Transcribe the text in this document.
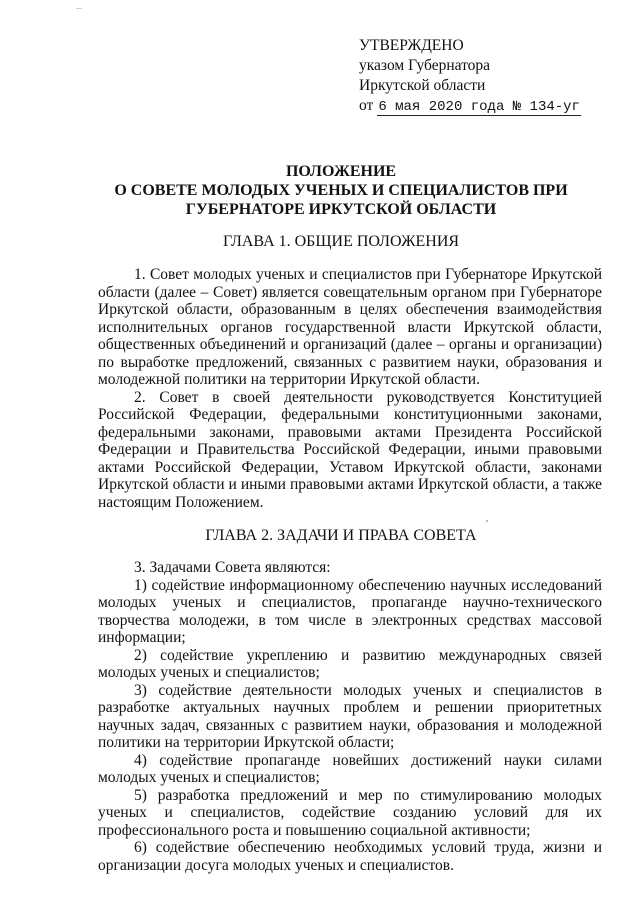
УТВЕРЖДЕНО
указом Губернатора
Иркутской области
от 6 мая 2020 года № 134-уг
ПОЛОЖЕНИЕ
О СОВЕТЕ МОЛОДЫХ УЧЕНЫХ И СПЕЦИАЛИСТОВ ПРИ
ГУБЕРНАТОРЕ ИРКУТСКОЙ ОБЛАСТИ
ГЛАВА 1. ОБЩИЕ ПОЛОЖЕНИЯ

1. Совет молодых ученых и специалистов при Губернаторе Иркутской области (далее – Совет) является совещательным органом при Губернаторе Иркутской области, образованным в целях обеспечения взаимодействия исполнительных органов государственной власти Иркутской области, общественных объединений и организаций (далее – органы и организации) по выработке предложений, связанных с развитием науки, образования и молодежной политики на территории Иркутской области.

2. Совет в своей деятельности руководствуется Конституцией Российской Федерации, федеральными конституционными законами, федеральными законами, правовыми актами Президента Российской Федерации и Правительства Российской Федерации, иными правовыми актами Российской Федерации, Уставом Иркутской области, законами Иркутской области и иными правовыми актами Иркутской области, а также настоящим Положением.

ГЛАВА 2. ЗАДАЧИ И ПРАВА СОВЕТА

3. Задачами Совета являются:

1) содействие информационному обеспечению научных исследований молодых ученых и специалистов, пропаганде научно-технического творчества молодежи, в том числе в электронных средствах массовой информации;

2) содействие укреплению и развитию международных связей молодых ученых и специалистов;

3) содействие деятельности молодых ученых и специалистов в разработке актуальных научных проблем и решении приоритетных научных задач, связанных с развитием науки, образования и молодежной политики на территории Иркутской области;

4) содействие пропаганде новейших достижений науки силами молодых ученых и специалистов;

5) разработка предложений и мер по стимулированию молодых ученых и специалистов, содействие созданию условий для их профессионального роста и повышению социальной активности;

6) содействие обеспечению необходимых условий труда, жизни и организации досуга молодых ученых и специалистов.
